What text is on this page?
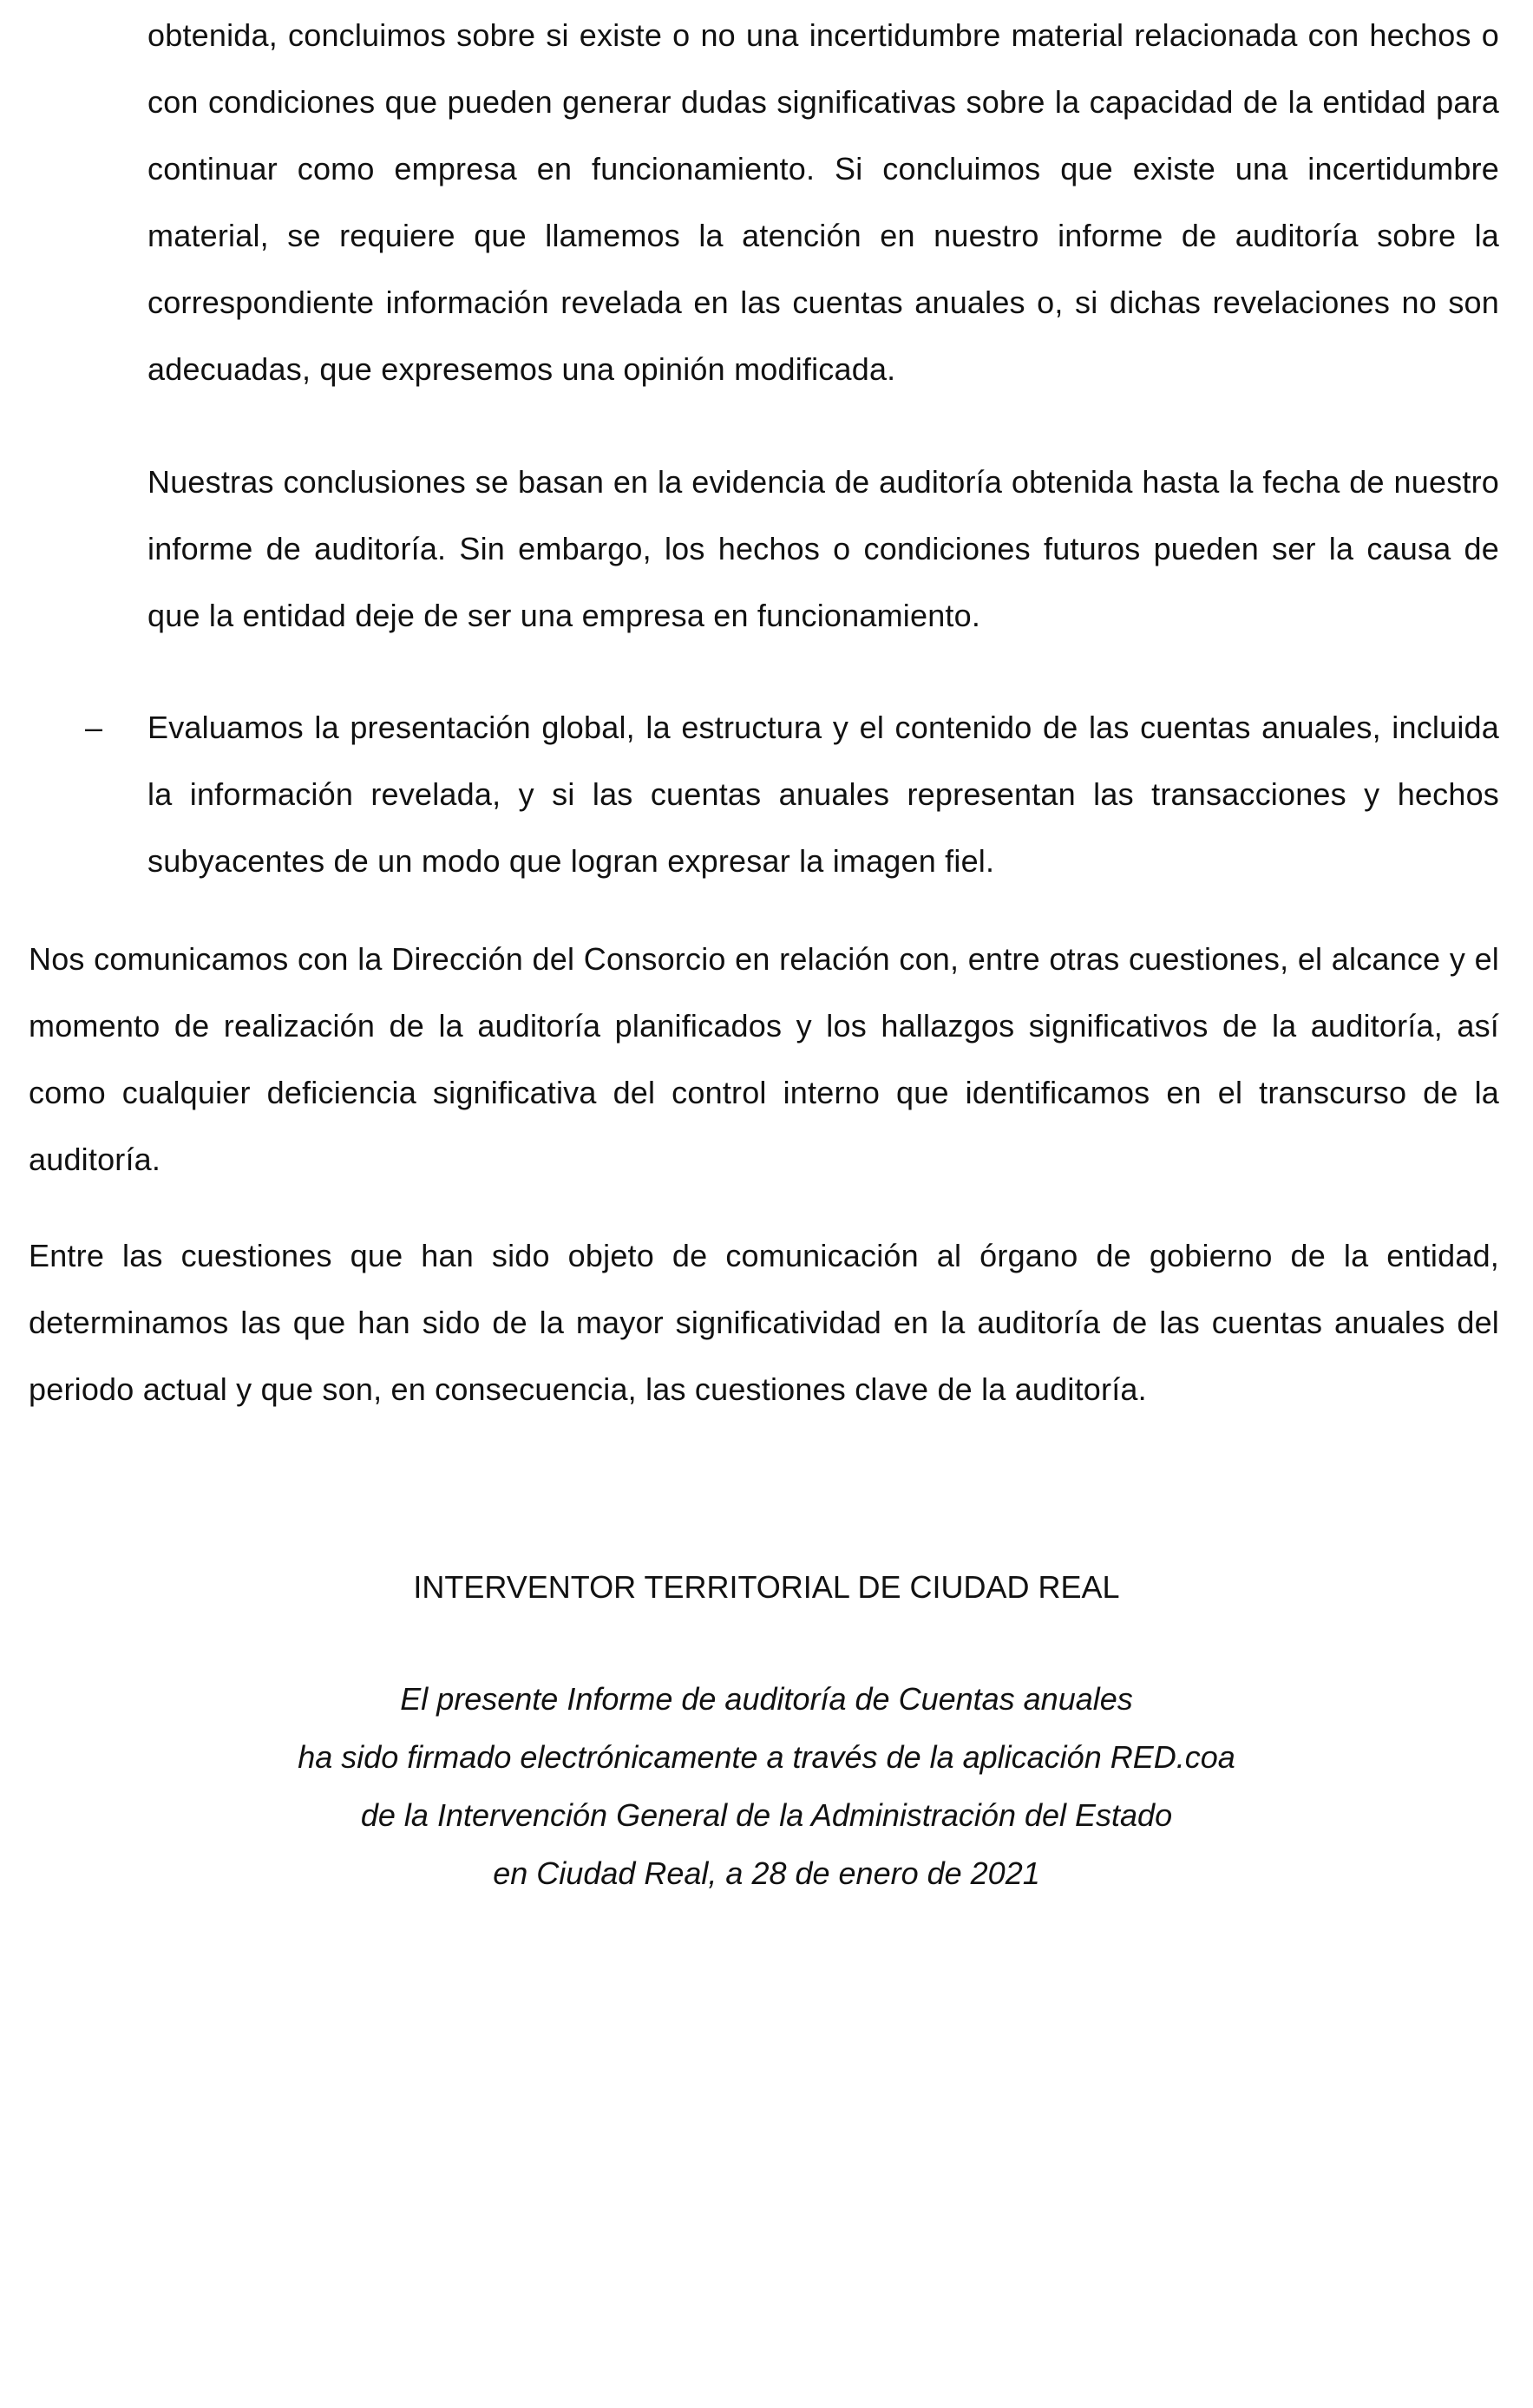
obtenida, concluimos sobre si existe o no una incertidumbre material relacionada con hechos o con condiciones que pueden generar dudas significativas sobre la capacidad de la entidad para continuar como empresa en funcionamiento. Si concluimos que existe una incertidumbre material, se requiere que llamemos la atención en nuestro informe de auditoría sobre la correspondiente información revelada en las cuentas anuales o, si dichas revelaciones no son adecuadas, que expresemos una opinión modificada.

Nuestras conclusiones se basan en la evidencia de auditoría obtenida hasta la fecha de nuestro informe de auditoría. Sin embargo, los hechos o condiciones futuros pueden ser la causa de que la entidad deje de ser una empresa en funcionamiento.

– Evaluamos la presentación global, la estructura y el contenido de las cuentas anuales, incluida la información revelada, y si las cuentas anuales representan las transacciones y hechos subyacentes de un modo que logran expresar la imagen fiel.

Nos comunicamos con la Dirección del Consorcio en relación con, entre otras cuestiones, el alcance y el momento de realización de la auditoría planificados y los hallazgos significativos de la auditoría, así como cualquier deficiencia significativa del control interno que identificamos en el transcurso de la auditoría.

Entre las cuestiones que han sido objeto de comunicación al órgano de gobierno de la entidad, determinamos las que han sido de la mayor significatividad en la auditoría de las cuentas anuales del periodo actual y que son, en consecuencia, las cuestiones clave de la auditoría.

INTERVENTOR TERRITORIAL DE CIUDAD REAL
El presente Informe de auditoría de Cuentas anuales
ha sido firmado electrónicamente a través de la aplicación RED.coa
de la Intervención General de la Administración del Estado
en Ciudad Real, a 28 de enero de 2021
